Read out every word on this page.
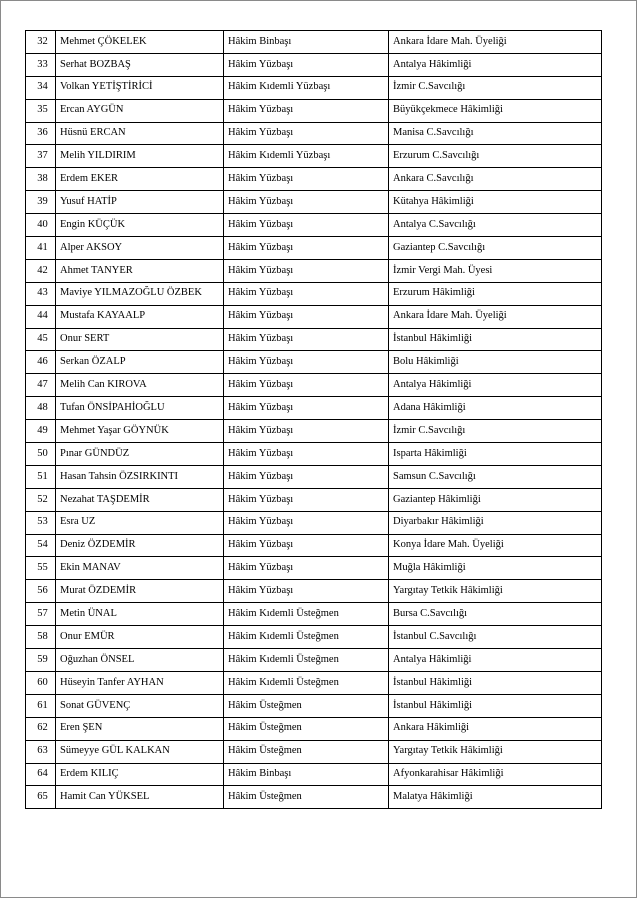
32	Mehmet ÇÖKELEK	Hâkim Binbaşı	Ankara İdare Mah. Üyeliği
33	Serhat BOZBAŞ	Hâkim Yüzbaşı	Antalya Hâkimliği
34	Volkan YETİŞTİRİCİ	Hâkim Kıdemli Yüzbaşı	İzmir C.Savcılığı
35	Ercan AYGÜN	Hâkim Yüzbaşı	Büyükçekmece Hâkimliği
36	Hüsnü ERCAN	Hâkim Yüzbaşı	Manisa C.Savcılığı
37	Melih YILDIRIM	Hâkim Kıdemli Yüzbaşı	Erzurum C.Savcılığı
38	Erdem EKER	Hâkim Yüzbaşı	Ankara C.Savcılığı
39	Yusuf HATİP	Hâkim Yüzbaşı	Kütahya Hâkimliği
40	Engin KÜÇÜK	Hâkim Yüzbaşı	Antalya C.Savcılığı
41	Alper AKSOY	Hâkim Yüzbaşı	Gaziantep C.Savcılığı
42	Ahmet TANYER	Hâkim Yüzbaşı	İzmir Vergi Mah. Üyesi
43	Maviye YILMAZOĞLU ÖZBEK	Hâkim Yüzbaşı	Erzurum Hâkimliği
44	Mustafa KAYAALP	Hâkim Yüzbaşı	Ankara İdare Mah. Üyeliği
45	Onur SERT	Hâkim Yüzbaşı	İstanbul Hâkimliği
46	Serkan ÖZALP	Hâkim Yüzbaşı	Bolu Hâkimliği
47	Melih Can KIROVA	Hâkim Yüzbaşı	Antalya Hâkimliği
48	Tufan ÖNSİPAHİOĞLU	Hâkim Yüzbaşı	Adana Hâkimliği
49	Mehmet Yaşar GÖYNÜK	Hâkim Yüzbaşı	İzmir C.Savcılığı
50	Pınar GÜNDÜZ	Hâkim Yüzbaşı	Isparta Hâkimliği
51	Hasan Tahsin ÖZSIRKINTI	Hâkim Yüzbaşı	Samsun C.Savcılığı
52	Nezahat TAŞDEMİR	Hâkim Yüzbaşı	Gaziantep Hâkimliği
53	Esra UZ	Hâkim Yüzbaşı	Diyarbakır Hâkimliği
54	Deniz ÖZDEMİR	Hâkim Yüzbaşı	Konya İdare Mah. Üyeliği
55	Ekin MANAV	Hâkim Yüzbaşı	Muğla Hâkimliği
56	Murat ÖZDEMİR	Hâkim Yüzbaşı	Yargıtay Tetkik Hâkimliği
57	Metin ÜNAL	Hâkim Kıdemli Üsteğmen	Bursa C.Savcılığı
58	Onur EMÜR	Hâkim Kıdemli Üsteğmen	İstanbul C.Savcılığı
59	Oğuzhan ÖNSEL	Hâkim Kıdemli Üsteğmen	Antalya Hâkimliği
60	Hüseyin Tanfer AYHAN	Hâkim Kıdemli Üsteğmen	İstanbul Hâkimliği
61	Sonat GÜVENÇ	Hâkim Üsteğmen	İstanbul Hâkimliği
62	Eren ŞEN	Hâkim Üsteğmen	Ankara Hâkimliği
63	Sümeyye GÜL KALKAN	Hâkim Üsteğmen	Yargıtay Tetkik Hâkimliği
64	Erdem KILIÇ	Hâkim Binbaşı	Afyonkarahisar Hâkimliği
65	Hamit Can YÜKSEL	Hâkim Üsteğmen	Malatya Hâkimliği
